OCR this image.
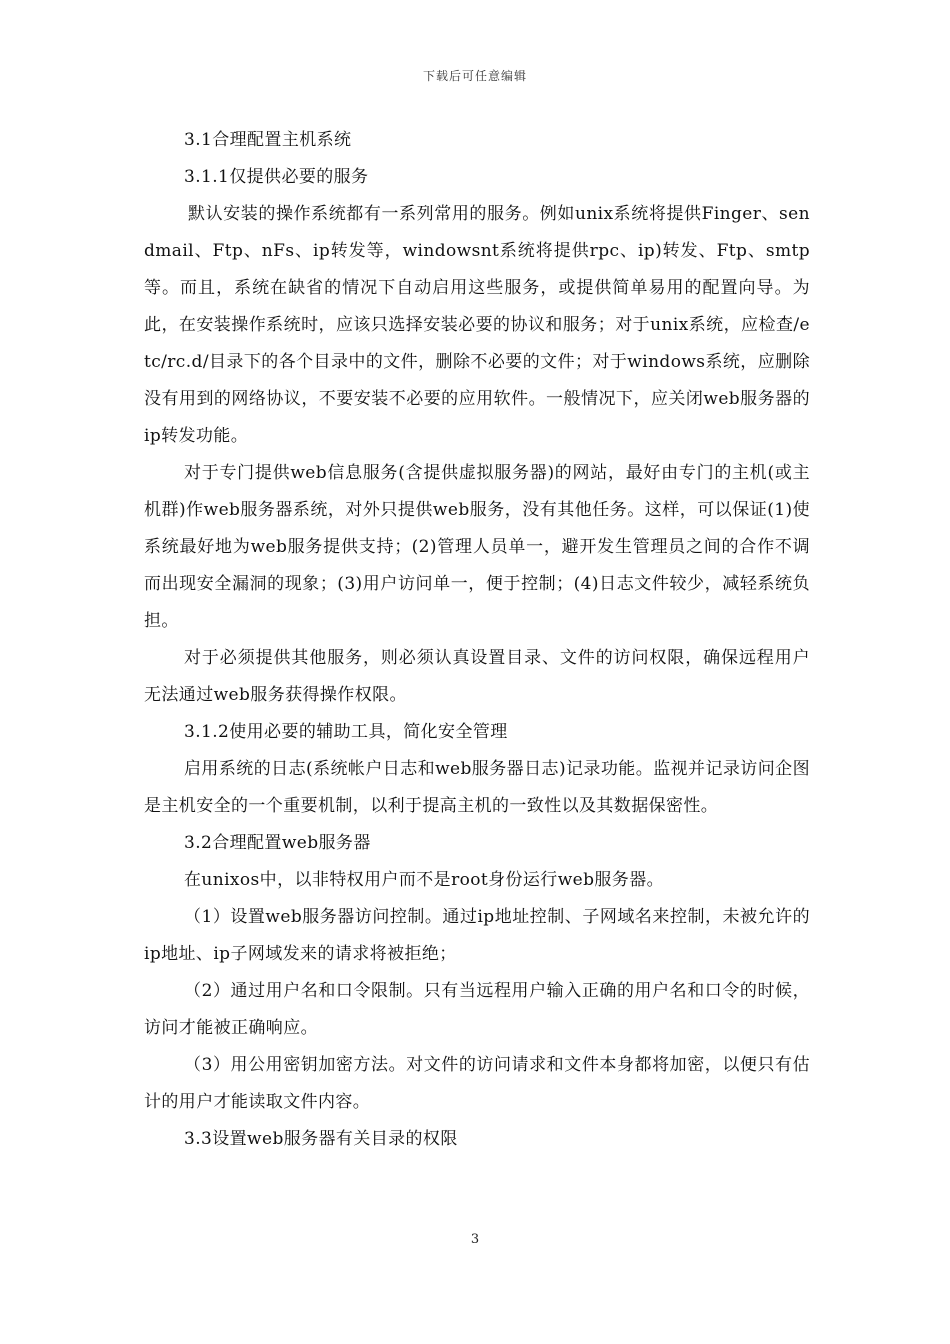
下载后可任意编辑

3.1合理配置主机系统

3.1.1仅提供必要的服务

默认安装的操作系统都有一系列常用的服务。例如unix系统将提供Finger、sendmail、Ftp、nFs、ip转发等，windowsnt系统将提供rpc、ip)转发、Ftp、smtp等。而且，系统在缺省的情况下自动启用这些服务，或提供简单易用的配置向导。为此，在安装操作系统时，应该只选择安装必要的协议和服务；对于unix系统，应检查/etc/rc.d/目录下的各个目录中的文件，删除不必要的文件；对于windows系统，应删除没有用到的网络协议，不要安装不必要的应用软件。一般情况下，应关闭web服务器的ip转发功能。

对于专门提供web信息服务(含提供虚拟服务器)的网站，最好由专门的主机(或主机群)作web服务器系统，对外只提供web服务，没有其他任务。这样，可以保证(1)使系统最好地为web服务提供支持；(2)管理人员单一，避开发生管理员之间的合作不调而出现安全漏洞的现象；(3)用户访问单一，便于控制；(4)日志文件较少，减轻系统负担。

对于必须提供其他服务，则必须认真设置目录、文件的访问权限，确保远程用户无法通过web服务获得操作权限。

3.1.2使用必要的辅助工具，简化安全管理

启用系统的日志(系统帐户日志和web服务器日志)记录功能。监视并记录访问企图是主机安全的一个重要机制，以利于提高主机的一致性以及其数据保密性。

3.2合理配置web服务器

在unixos中，以非特权用户而不是root身份运行web服务器。

（1）设置web服务器访问控制。通过ip地址控制、子网域名来控制，未被允许的ip地址、ip子网域发来的请求将被拒绝；

（2）通过用户名和口令限制。只有当远程用户输入正确的用户名和口令的时候，访问才能被正确响应。

（3）用公用密钥加密方法。对文件的访问请求和文件本身都将加密，以便只有估计的用户才能读取文件内容。

3.3设置web服务器有关目录的权限

3
